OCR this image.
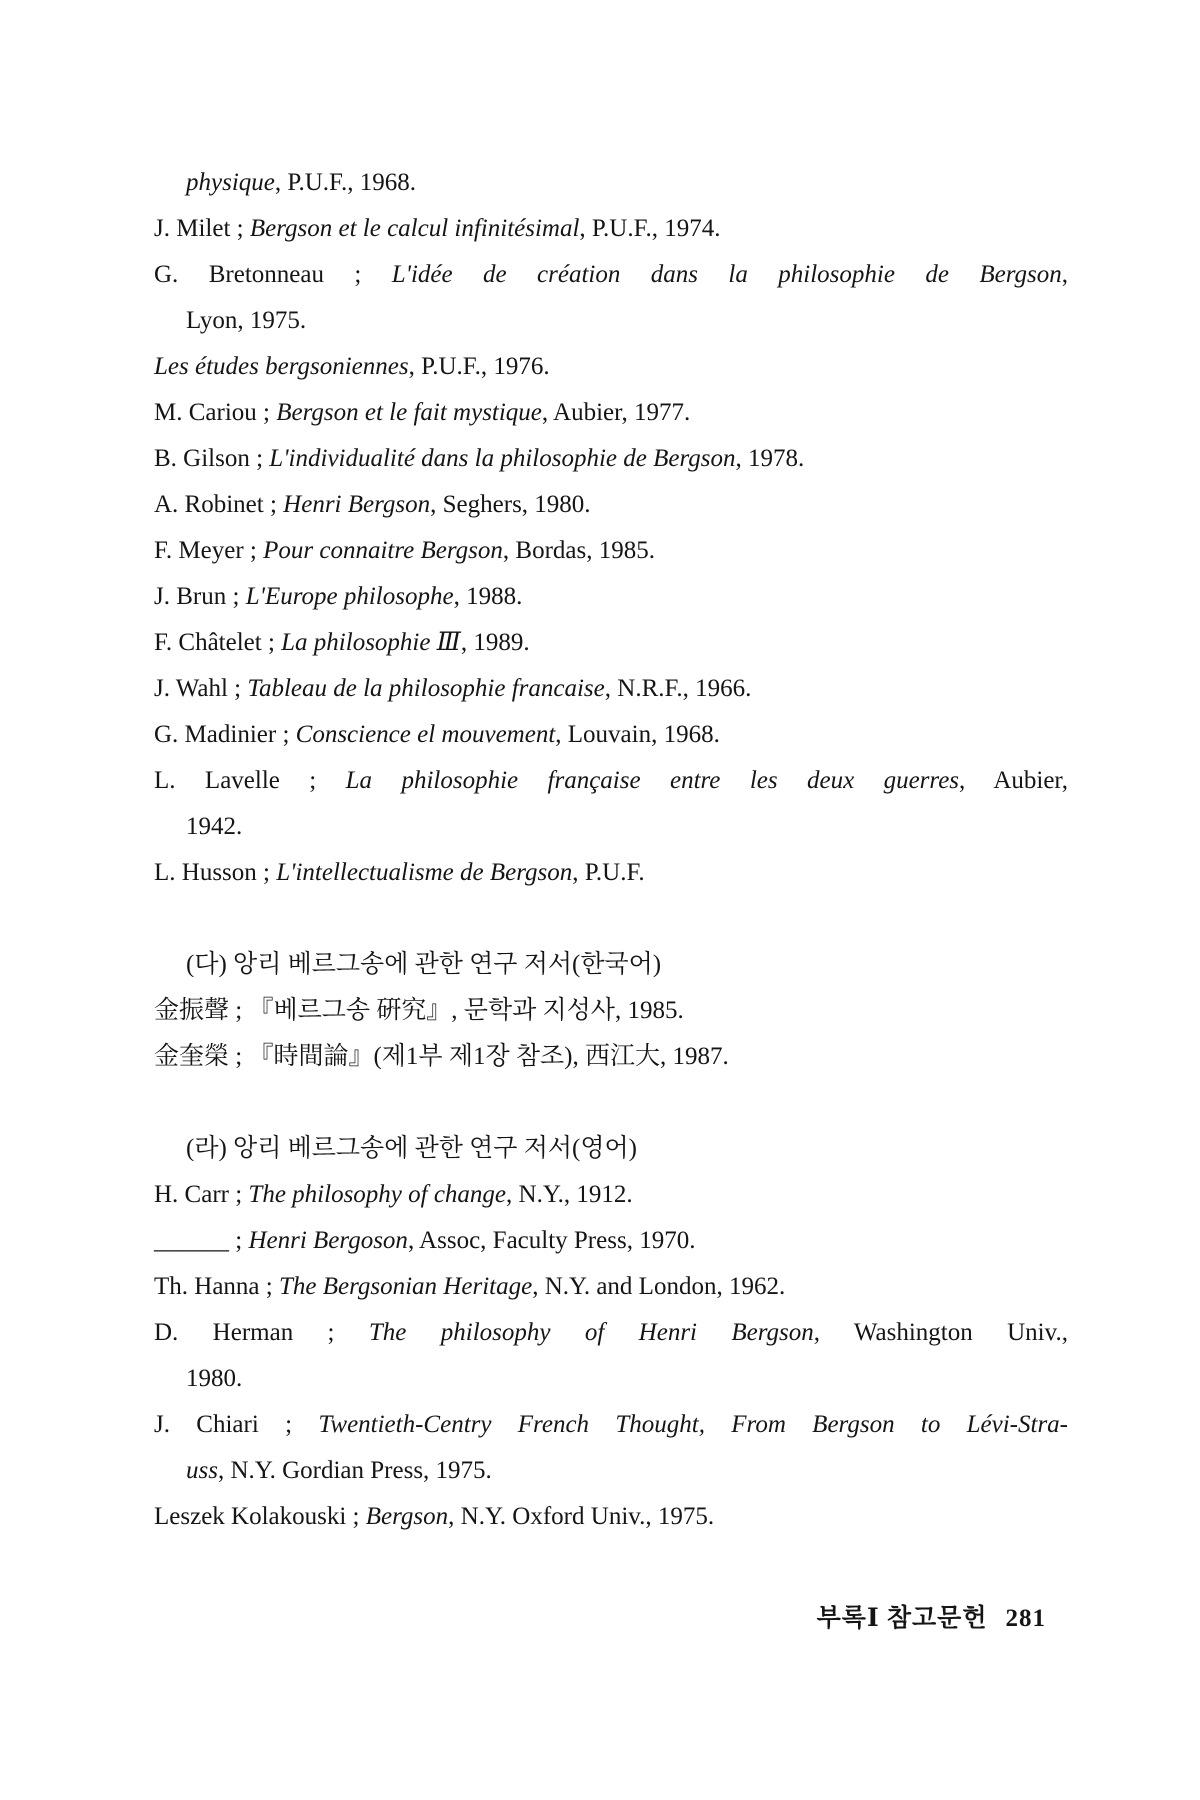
physique, P.U.F., 1968.
J. Milet ; Bergson et le calcul infinitésimal, P.U.F., 1974.
G. Bretonneau ; L'idée de création dans la philosophie de Bergson,
Lyon, 1975.
Les études bergsoniennes, P.U.F., 1976.
M. Cariou ; Bergson et le fait mystique, Aubier, 1977.
B. Gilson ; L'individualité dans la philosophie de Bergson, 1978.
A. Robinet ; Henri Bergson, Seghers, 1980.
F. Meyer ; Pour connaitre Bergson, Bordas, 1985.
J. Brun ; L'Europe philosophe, 1988.
F. Châtelet ; La philosophie Ⅲ, 1989.
J. Wahl ; Tableau de la philosophie francaise, N.R.F., 1966.
G. Madinier ; Conscience el mouvement, Louvain, 1968.
L. Lavelle ; La philosophie française entre les deux guerres, Aubier,
1942.
L. Husson ; L'intellectualisme de Bergson, P.U.F.
(다) 앙리 베르그송에 관한 연구 저서(한국어)
金振聲 ; 『베르그송 硏究』, 문학과 지성사, 1985.
金奎榮 ; 『時間論』(제1부 제1장 참조), 西江大, 1987.
(라) 앙리 베르그송에 관한 연구 저서(영어)
H. Carr ; The philosophy of change, N.Y., 1912.
______ ; Henri Bergoson, Assoc, Faculty Press, 1970.
Th. Hanna ; The Bergsonian Heritage, N.Y. and London, 1962.
D. Herman ; The philosophy of Henri Bergson, Washington Univ.,
1980.
J. Chiari ; Twentieth-Centry French Thought, From Bergson to Lévi-Stra-
uss, N.Y. Gordian Press, 1975.
Leszek Kolakouski ; Bergson, N.Y. Oxford Univ., 1975.
부록Ⅰ 참고문헌 281
